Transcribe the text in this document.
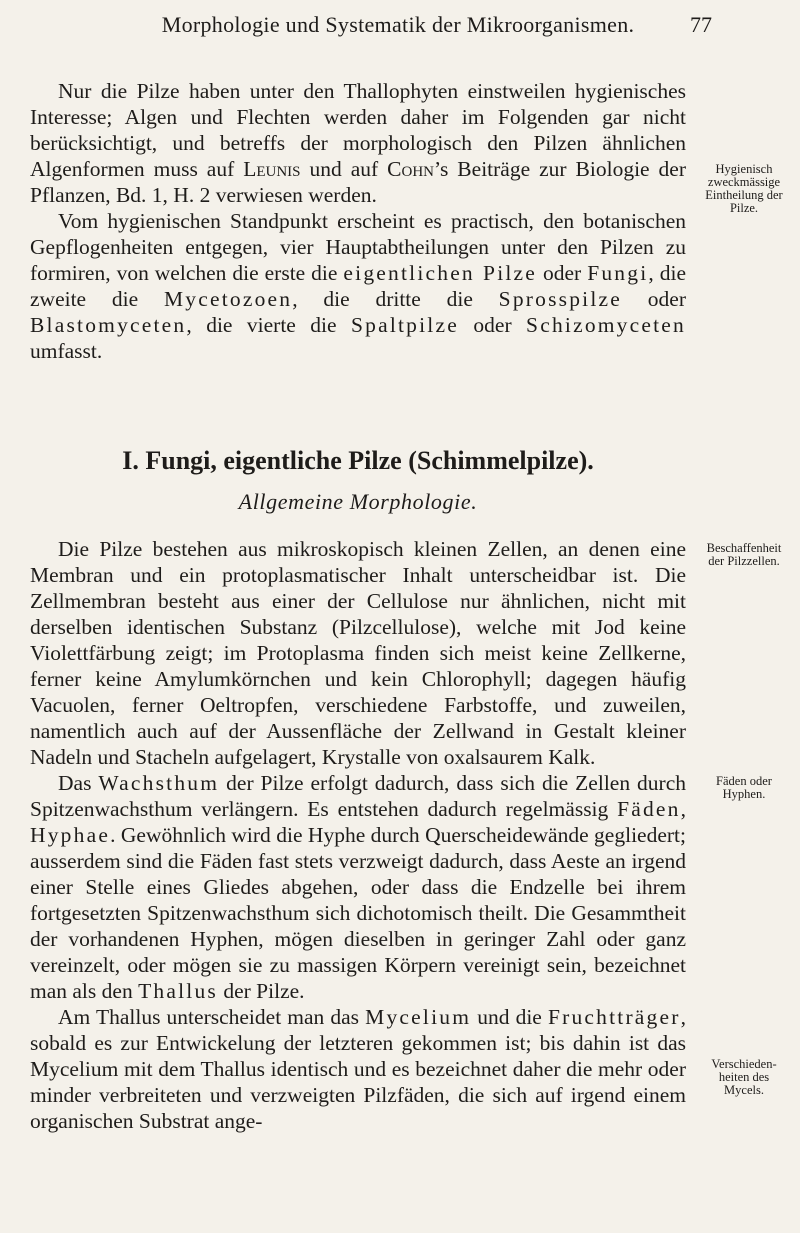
Morphologie und Systematik der Mikroorganismen.	77

Nur die Pilze haben unter den Thallophyten einstweilen hygienisches Interesse; Algen und Flechten werden daher im Folgenden gar nicht berücksichtigt, und betreffs der morphologisch den Pilzen ähnlichen Algenformen muss auf Leunis und auf Cohn’s Beiträge zur Biologie der Pflanzen, Bd. 1, H. 2 verwiesen werden.

Vom hygienischen Standpunkt erscheint es practisch, den botanischen Gepflogenheiten entgegen, vier Hauptabtheilungen unter den Pilzen zu formiren, von welchen die erste die eigentlichen Pilze oder Fungi, die zweite die Mycetozoen, die dritte die Sprosspilze oder Blastomyceten, die vierte die Spaltpilze oder Schizomyceten umfasst.

I. Fungi, eigentliche Pilze (Schimmelpilze).
Allgemeine Morphologie.

Die Pilze bestehen aus mikroskopisch kleinen Zellen, an denen eine Membran und ein protoplasmatischer Inhalt unterscheidbar ist. Die Zellmembran besteht aus einer der Cellulose nur ähnlichen, nicht mit derselben identischen Substanz (Pilzcellulose), welche mit Jod keine Violettfärbung zeigt; im Protoplasma finden sich meist keine Zellkerne, ferner keine Amylumkörnchen und kein Chlorophyll; dagegen häufig Vacuolen, ferner Oeltropfen, verschiedene Farbstoffe, und zuweilen, namentlich auch auf der Aussenfläche der Zellwand in Gestalt kleiner Nadeln und Stacheln aufgelagert, Krystalle von oxalsaurem Kalk.

Das Wachsthum der Pilze erfolgt dadurch, dass sich die Zellen durch Spitzenwachsthum verlängern. Es entstehen dadurch regelmässig Fäden, Hyphae. Gewöhnlich wird die Hyphe durch Querscheidewände gegliedert; ausserdem sind die Fäden fast stets verzweigt dadurch, dass Aeste an irgend einer Stelle eines Gliedes abgehen, oder dass die Endzelle bei ihrem fortgesetzten Spitzenwachsthum sich dichotomisch theilt. Die Gesammtheit der vorhandenen Hyphen, mögen dieselben in geringer Zahl oder ganz vereinzelt, oder mögen sie zu massigen Körpern vereinigt sein, bezeichnet man als den Thallus der Pilze.

Am Thallus unterscheidet man das Mycelium und die Fruchtträger, sobald es zur Entwickelung der letzteren gekommen ist; bis dahin ist das Mycelium mit dem Thallus identisch und es bezeichnet daher die mehr oder minder verbreiteten und verzweigten Pilzfäden, die sich auf irgend einem organischen Substrat ange-

Hygienisch
zweckmässige
Eintheilung der
Pilze.
Beschaffenheit
der Pilzzellen.
Fäden oder
Hyphen.
Verschieden-
heiten des
Mycels.
